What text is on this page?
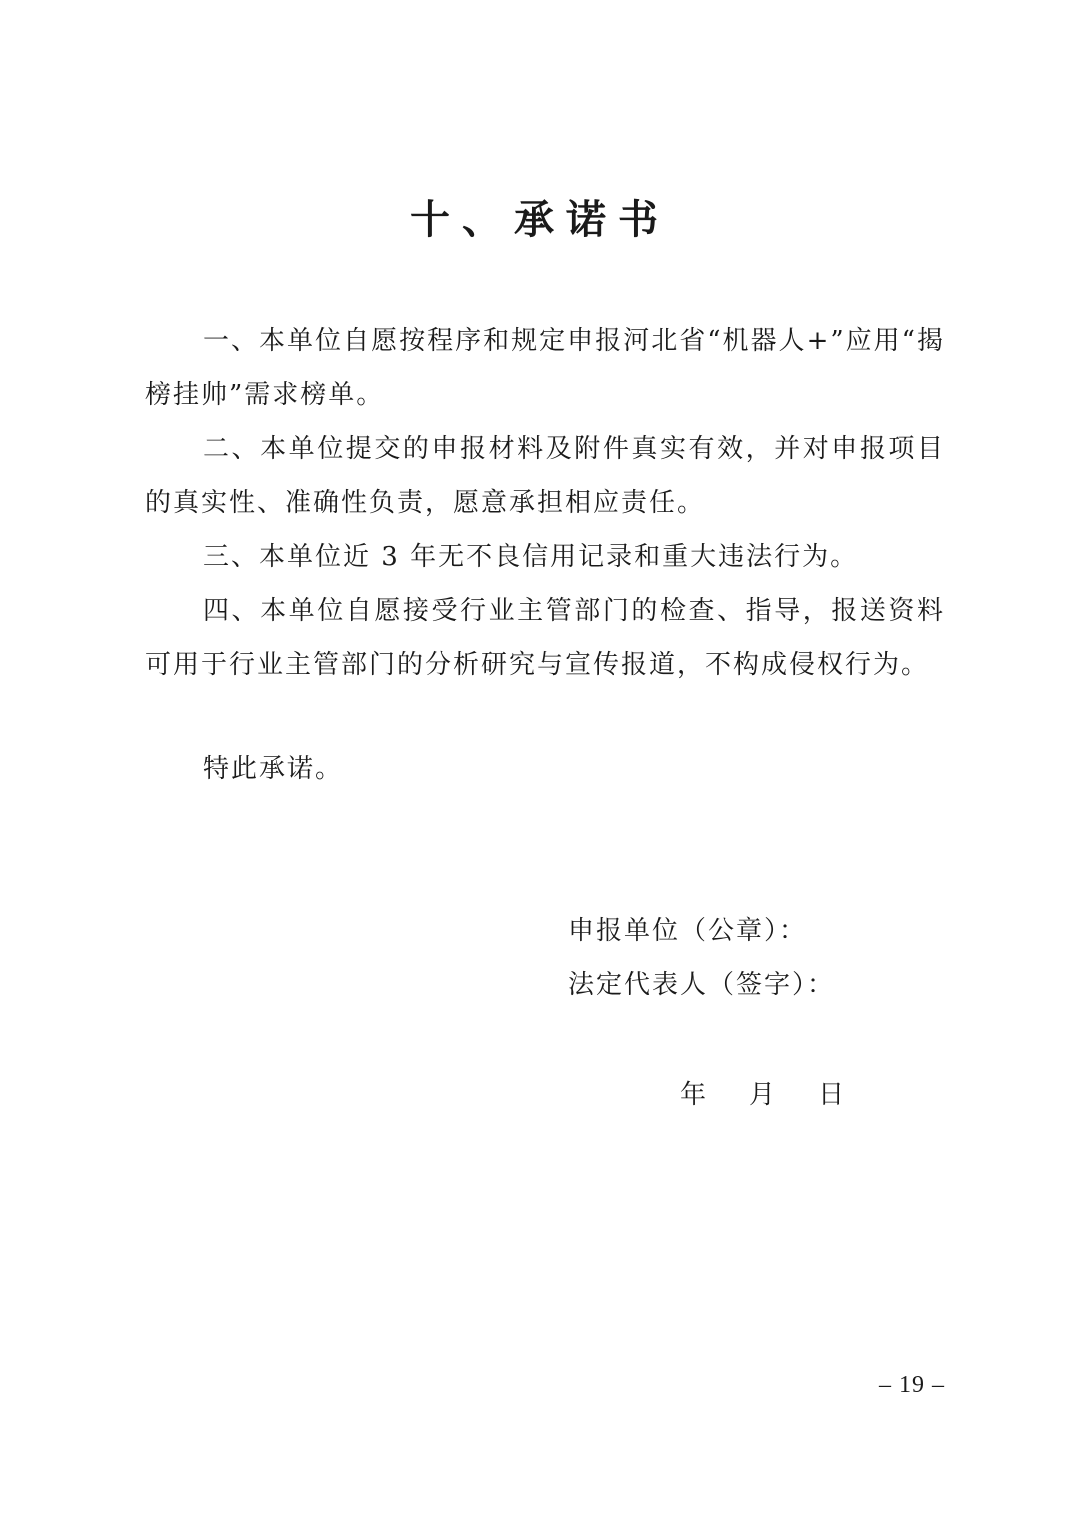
十、承诺书

一、本单位自愿按程序和规定申报河北省“机器人+”应用“揭榜挂帅”需求榜单。

二、本单位提交的申报材料及附件真实有效，并对申报项目的真实性、准确性负责，愿意承担相应责任。

三、本单位近 3 年无不良信用记录和重大违法行为。

四、本单位自愿接受行业主管部门的检查、指导，报送资料可用于行业主管部门的分析研究与宣传报道，不构成侵权行为。

特此承诺。
申报单位（公章）：
法定代表人（签字）：
年    月    日
– 19 –
